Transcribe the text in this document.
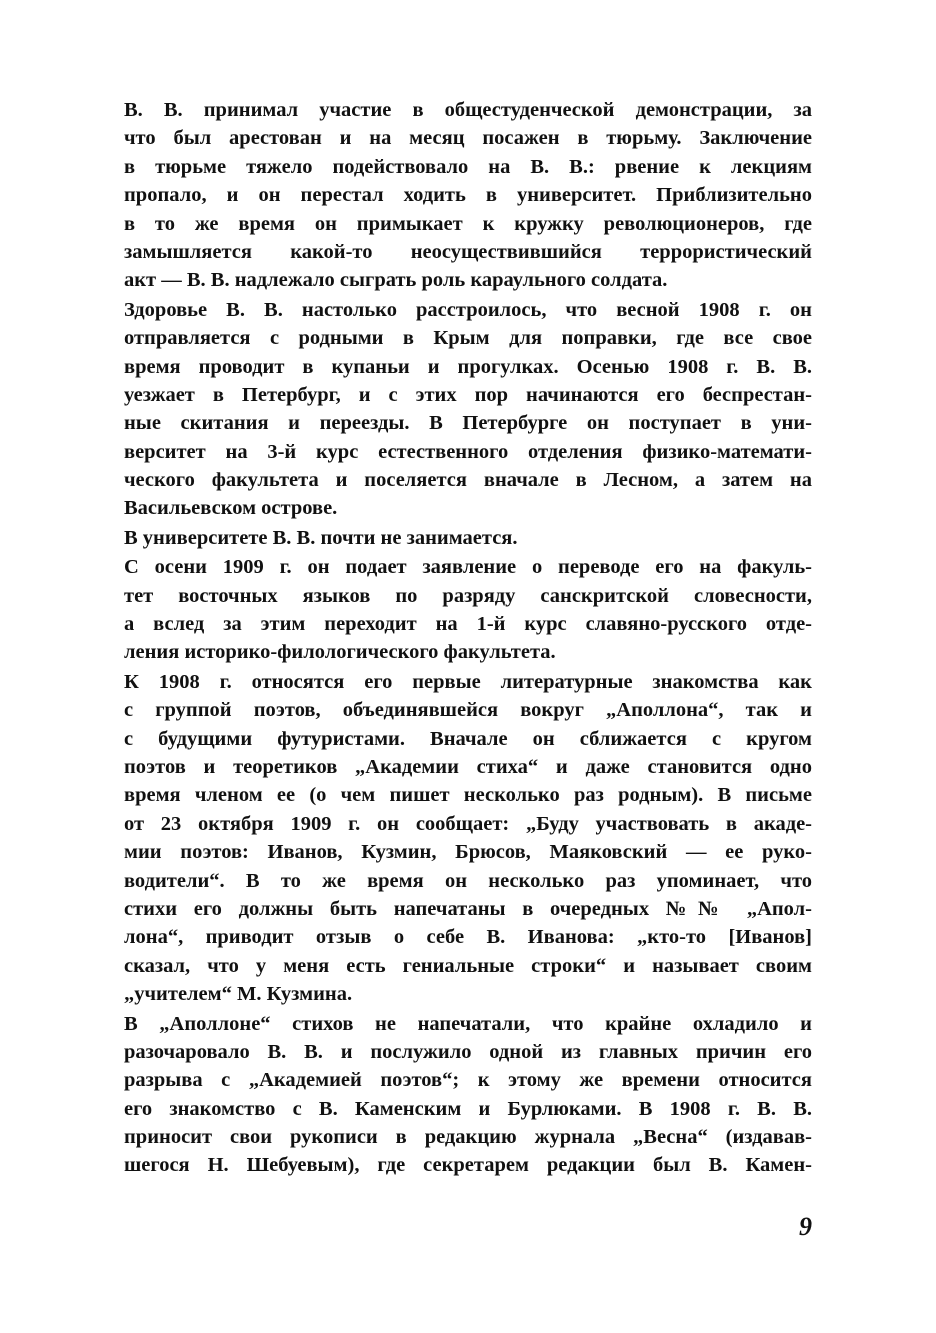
В. В. принимал участие в общестуденческой демонстрации, за
что был арестован и на месяц посажен в тюрьму. Заключение
в тюрьме тяжело подействовало на В. В.: рвение к лекциям
пропало, и он перестал ходить в университет. Приблизительно
в то же время он примыкает к кружку революционеров, где
замышляется какой-то неосуществившийся террористический
акт — В. В. надлежало сыграть роль караульного солдата.
Здоровье В. В. настолько расстроилось, что весной 1908 г. он
отправляется с родными в Крым для поправки, где все свое
время проводит в купаньи и прогулках. Осенью 1908 г. В. В.
уезжает в Петербург, и с этих пор начинаются его беспрестан-
ные скитания и переезды. В Петербурге он поступает в уни-
верситет на 3-й курс естественного отделения физико-математи-
ческого факультета и поселяется вначале в Лесном, а затем на
Васильевском острове.
В университете В. В. почти не занимается.
С осени 1909 г. он подает заявление о переводе его на факуль-
тет восточных языков по разряду санскритской словесности,
а вслед за этим переходит на 1-й курс славяно-русского отде-
ления историко-филологического факультета.
К 1908 г. относятся его первые литературные знакомства как
с группой поэтов, объединявшейся вокруг „Аполлона“, так и
с будущими футуристами. Вначале он сближается с кругом
поэтов и теоретиков „Академии стиха“ и даже становится одно
время членом ее (о чем пишет несколько раз родным). В письме
от 23 октября 1909 г. он сообщает: „Буду участвовать в акаде-
мии поэтов: Иванов, Кузмин, Брюсов, Маяковский — ее руко-
водители“. В то же время он несколько раз упоминает, что
стихи его должны быть напечатаны в очередных №№ „Апол-
лона“, приводит отзыв о себе В. Иванова: „кто-то [Иванов]
сказал, что у меня есть гениальные строки“ и называет своим
„учителем“ М. Кузмина.
В „Аполлоне“ стихов не напечатали, что крайне охладило и
разочаровало В. В. и послужило одной из главных причин его
разрыва с „Академией поэтов“; к этому же времени относится
его знакомство с В. Каменским и Бурлюками. В 1908 г. В. В.
приносит свои рукописи в редакцию журнала „Весна“ (издавав-
шегося Н. Шебуевым), где секретарем редакции был В. Камен-
9
